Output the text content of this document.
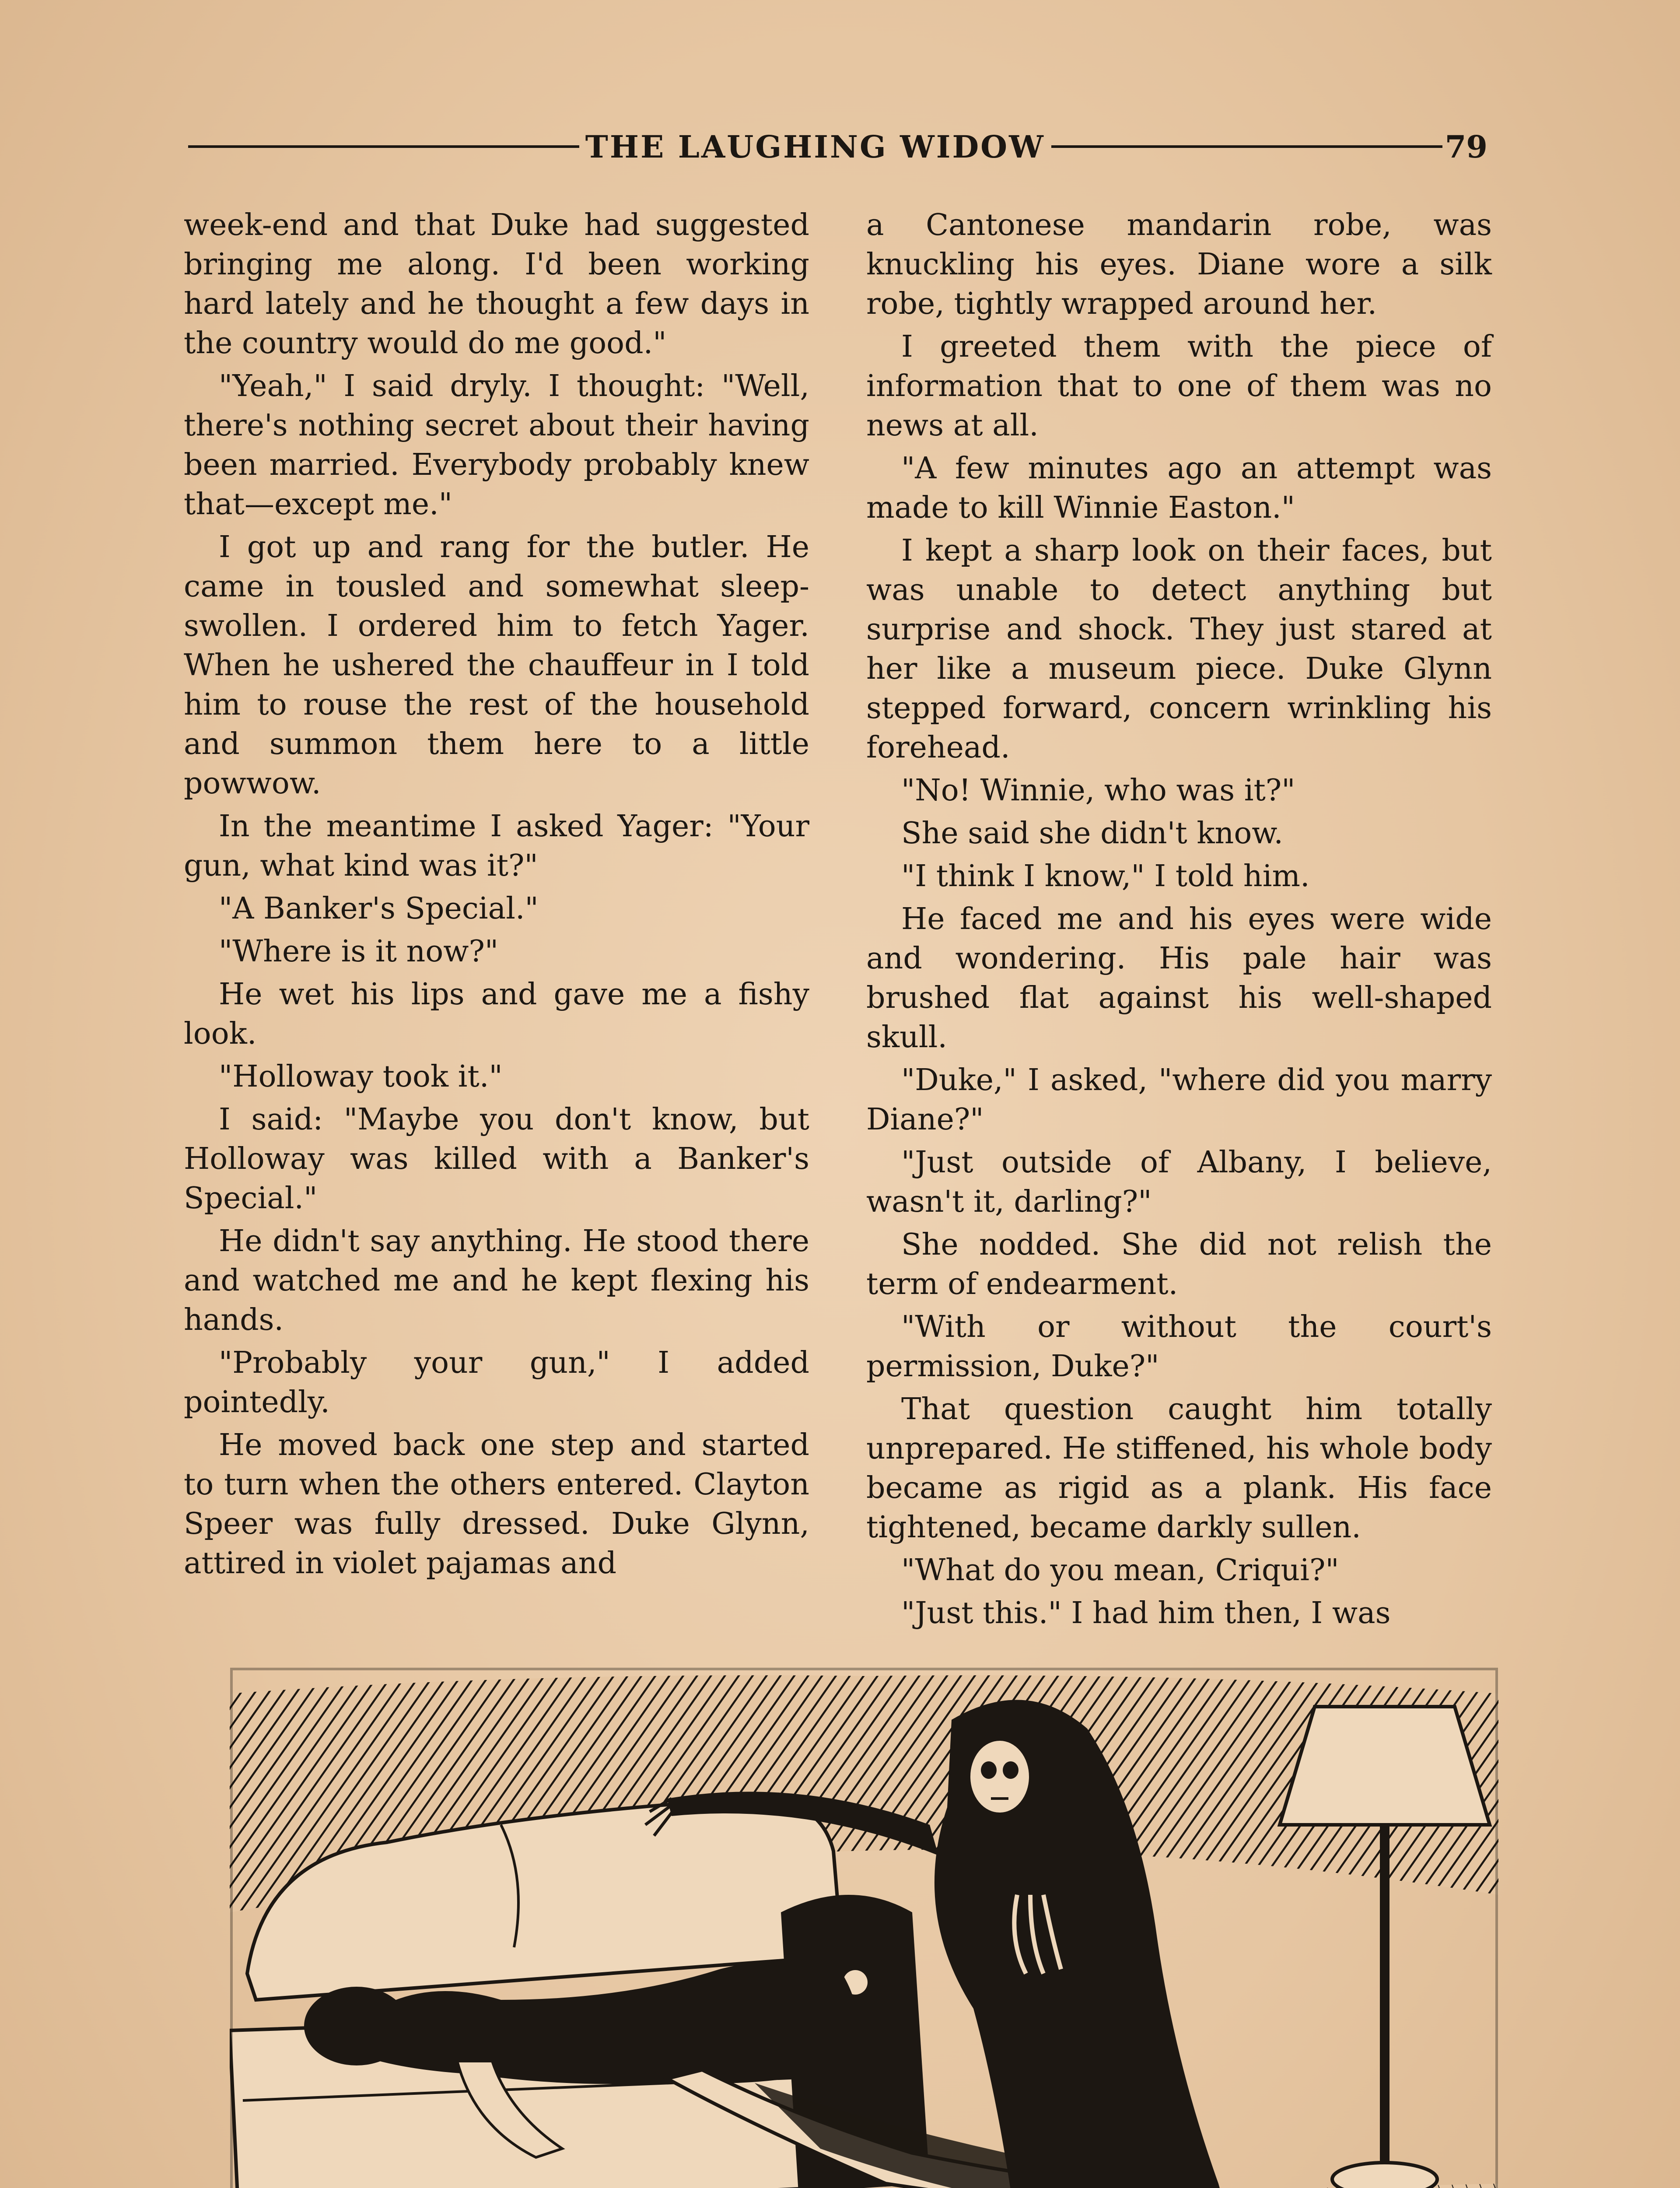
THE LAUGHING WIDOW	79

week-end and that Duke had suggested bringing me along. I'd been working hard lately and he thought a few days in the country would do me good."

"Yeah," I said dryly. I thought: "Well, there's nothing secret about their having been married. Everybody probably knew that—except me."

I got up and rang for the butler. He came in tousled and somewhat sleep-swollen. I ordered him to fetch Yager. When he ushered the chauffeur in I told him to rouse the rest of the household and summon them here to a little powwow.

In the meantime I asked Yager: "Your gun, what kind was it?"

"A Banker's Special."

"Where is it now?"

He wet his lips and gave me a fishy look.

"Holloway took it."

I said: "Maybe you don't know, but Holloway was killed with a Banker's Special."

He didn't say anything. He stood there and watched me and he kept flexing his hands.

"Probably your gun," I added pointedly.

He moved back one step and started to turn when the others entered. Clayton Speer was fully dressed. Duke Glynn, attired in violet pajamas and

a Cantonese mandarin robe, was knuckling his eyes. Diane wore a silk robe, tightly wrapped around her.

I greeted them with the piece of information that to one of them was no news at all.

"A few minutes ago an attempt was made to kill Winnie Easton."

I kept a sharp look on their faces, but was unable to detect anything but surprise and shock. They just stared at her like a museum piece. Duke Glynn stepped forward, concern wrinkling his forehead.

"No! Winnie, who was it?"

She said she didn't know.

"I think I know," I told him.

He faced me and his eyes were wide and wondering. His pale hair was brushed flat against his well-shaped skull.

"Duke," I asked, "where did you marry Diane?"

"Just outside of Albany, I believe, wasn't it, darling?"

She nodded. She did not relish the term of endearment.

"With or without the court's permission, Duke?"

That question caught him totally unprepared. He stiffened, his whole body became as rigid as a plank. His face tightened, became darkly sullen.

"What do you mean, Criqui?"

"Just this." I had him then, I was
